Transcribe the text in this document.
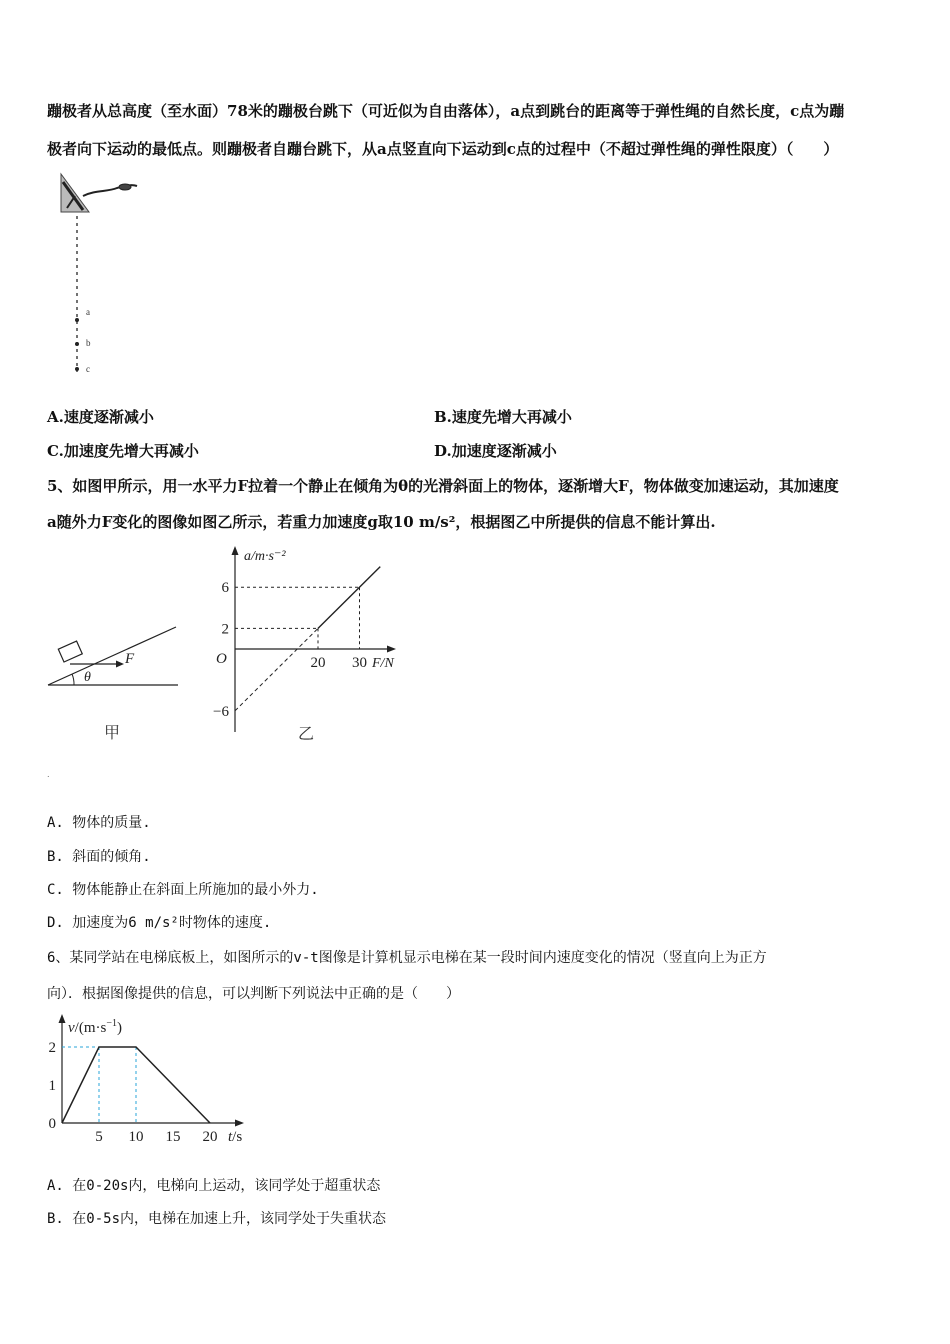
蹦极者从总高度（至水面）78米的蹦极台跳下（可近似为自由落体），a点到跳台的距离等于弹性绳的自然长度，c点为蹦
极者向下运动的最低点。则蹦极者自蹦台跳下，从a点竖直向下运动到c点的过程中（不超过弹性绳的弹性限度）（　　）
a
b
c
A.速度逐渐减小	B.速度先增大再减小
C.加速度先增大再减小	D.加速度逐渐减小
5、如图甲所示，用一水平力F拉着一个静止在倾角为θ的光滑斜面上的物体，逐渐增大F，物体做变加速运动，其加速度
a随外力F变化的图像如图乙所示，若重力加速度g取10 m/s²，根据图乙中所提供的信息不能计算出.
F
θ
甲
a/m·s⁻²
F/N
O
−6
2
6
20 30
乙
.
A. 物体的质量.
B. 斜面的倾角.
C. 物体能静止在斜面上所施加的最小外力.
D. 加速度为6 m/s²时物体的速度.
6、某同学站在电梯底板上，如图所示的v-t图像是计算机显示电梯在某一段时间内速度变化的情况（竖直向上为正方
向）．根据图像提供的信息，可以判断下列说法中正确的是（　　）
$v/(m\cdot s^{-1})$
t/s
0
1
2
5 10 15 20
A. 在0-20s内，电梯向上运动，该同学处于超重状态
B. 在0-5s内，电梯在加速上升，该同学处于失重状态
